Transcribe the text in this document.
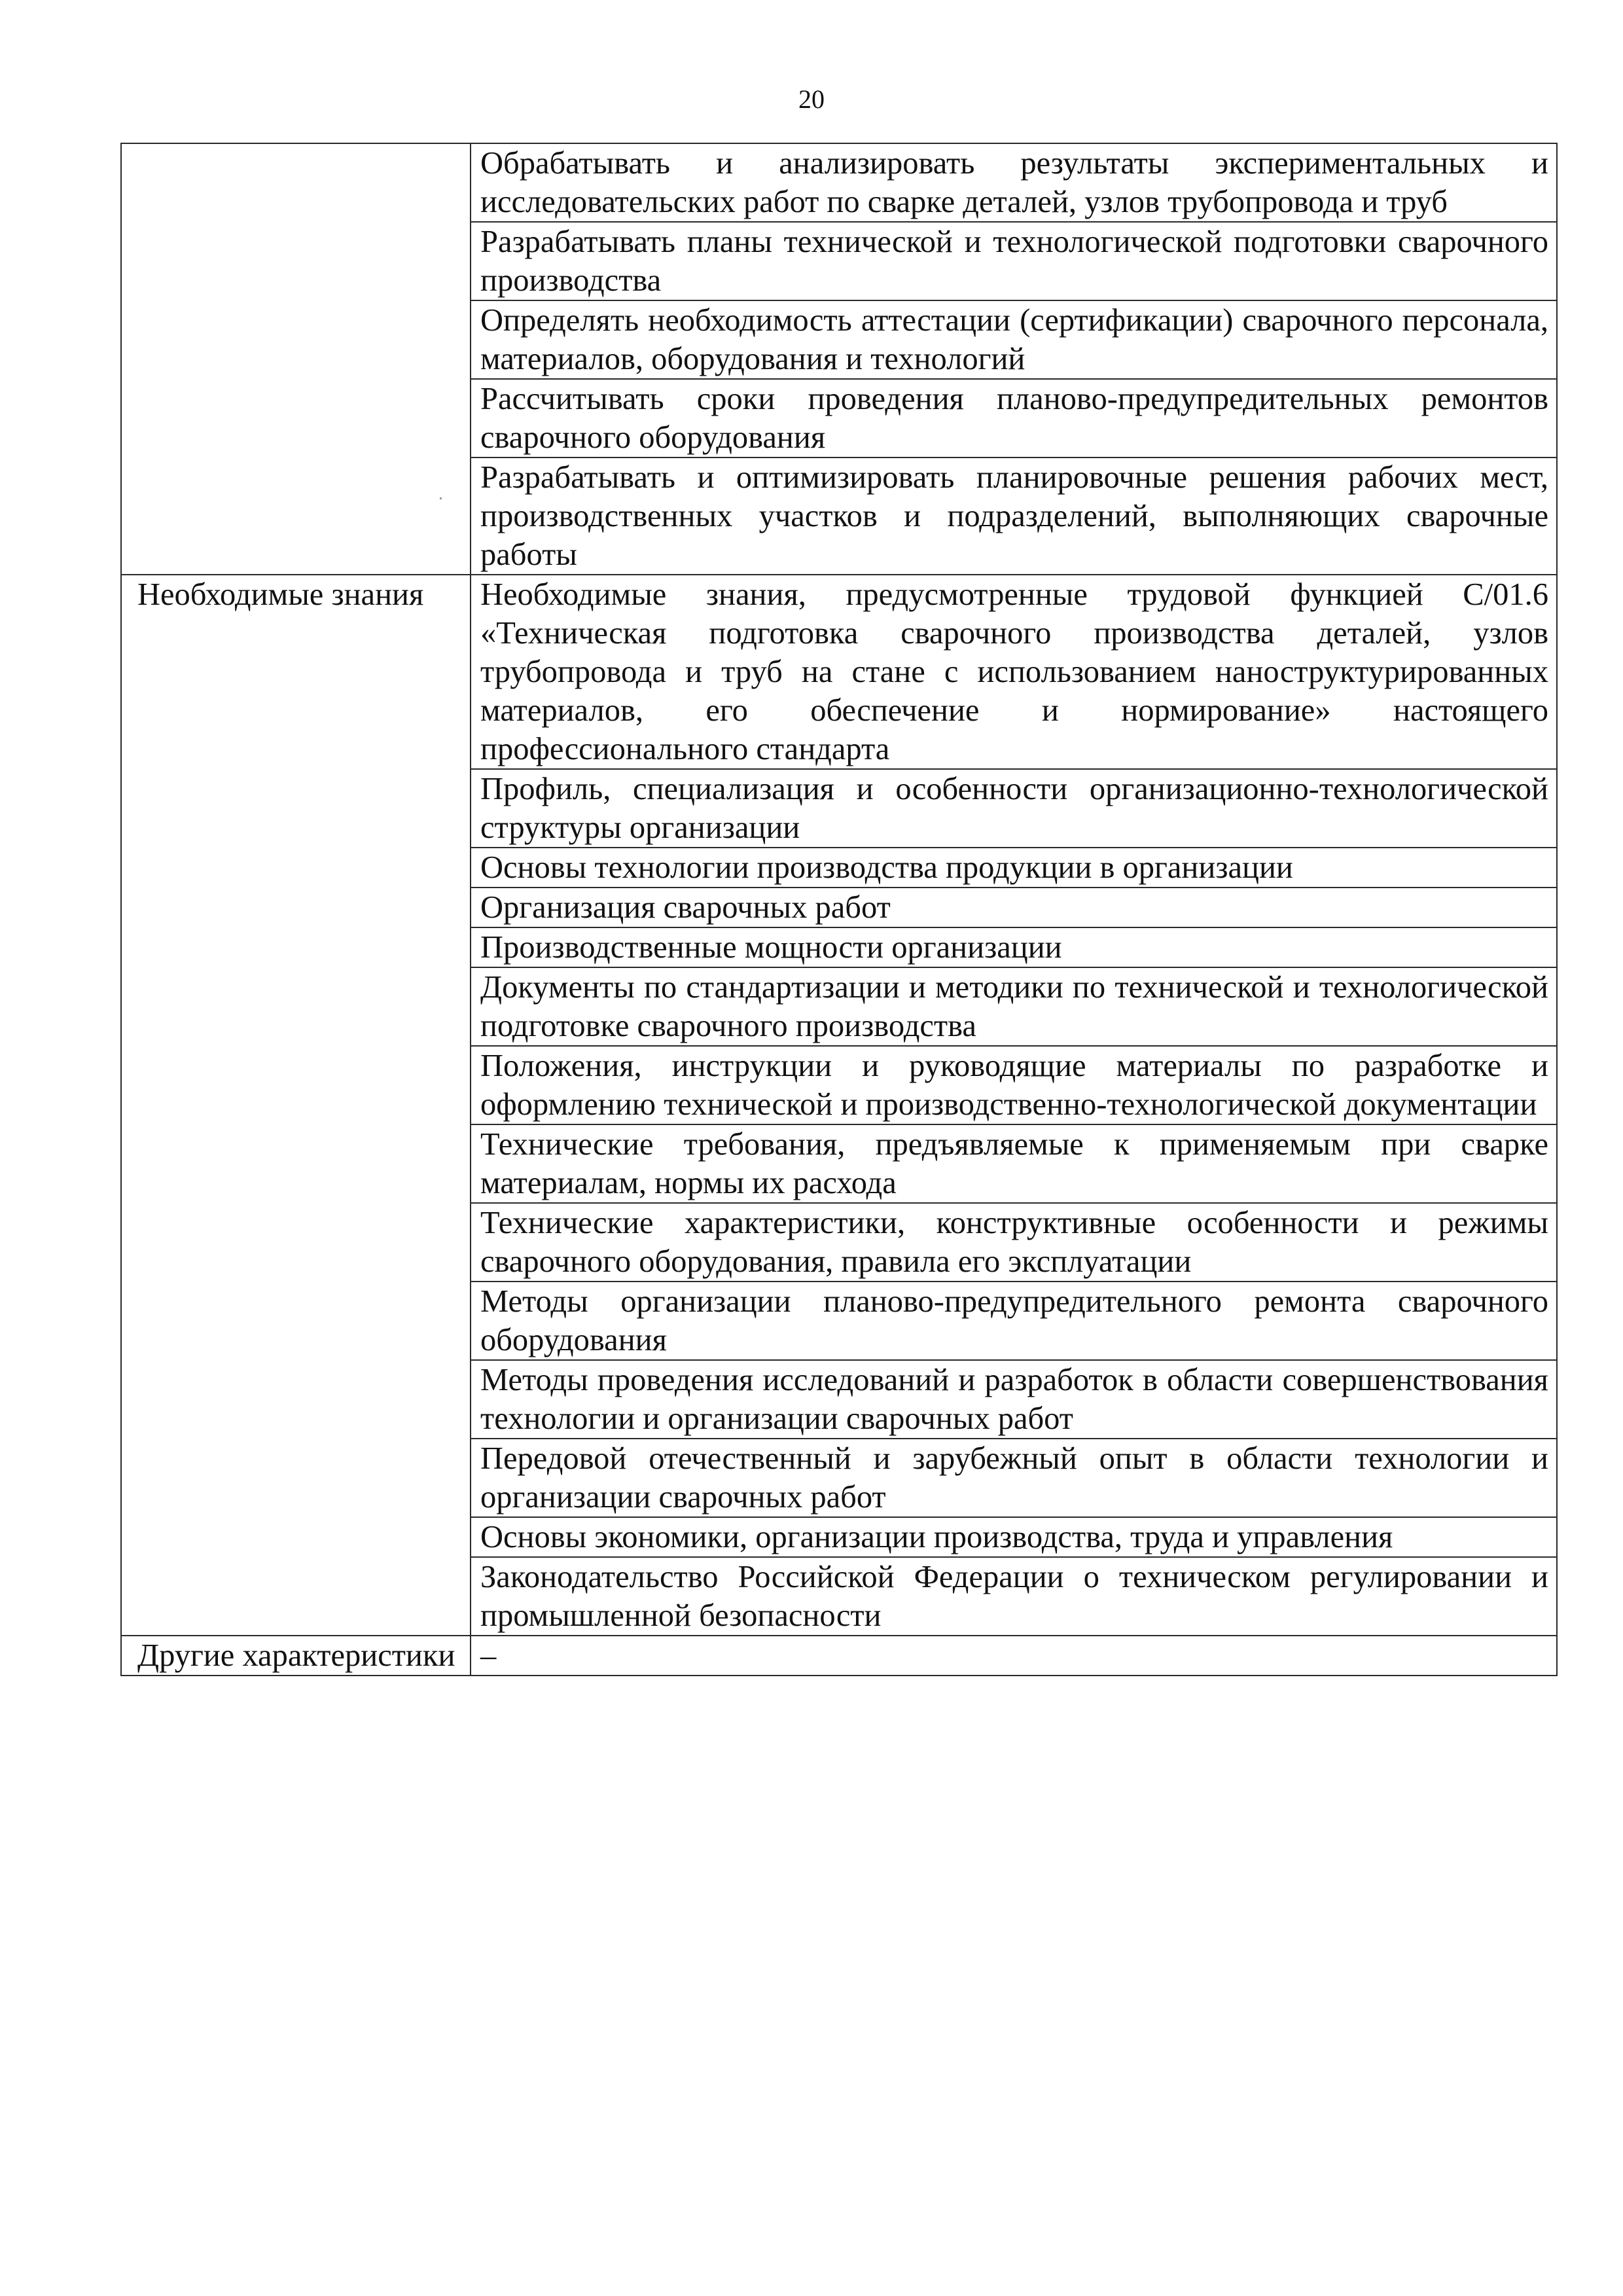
20
	Обрабатывать и анализировать результаты экспериментальных и исследовательских работ по сварке деталей, узлов трубопровода и труб
	Разрабатывать планы технической и технологической подготовки сварочного производства
	Определять необходимость аттестации (сертификации) сварочного персонала, материалов, оборудования и технологий
	Рассчитывать сроки проведения планово-предупредительных ремонтов сварочного оборудования
	Разрабатывать и оптимизировать планировочные решения рабочих мест, производственных участков и подразделений, выполняющих сварочные работы
Необходимые знания	Необходимые знания, предусмотренные трудовой функцией С/01.6 «Техническая подготовка сварочного производства деталей, узлов трубопровода и труб на стане с использованием наноструктурированных материалов, его обеспечение и нормирование» настоящего профессионального стандарта
	Профиль, специализация и особенности организационно-технологической структуры организации
	Основы технологии производства продукции в организации
	Организация сварочных работ
	Производственные мощности организации
	Документы по стандартизации и методики по технической и технологической подготовке сварочного производства
	Положения, инструкции и руководящие материалы по разработке и оформлению технической и производственно-технологической документации
	Технические требования, предъявляемые к применяемым при сварке материалам, нормы их расхода
	Технические характеристики, конструктивные особенности и режимы сварочного оборудования, правила его эксплуатации
	Методы организации планово-предупредительного ремонта сварочного оборудования
	Методы проведения исследований и разработок в области совершенствования технологии и организации сварочных работ
	Передовой отечественный и зарубежный опыт в области технологии и организации сварочных работ
	Основы экономики, организации производства, труда и управления
	Законодательство Российской Федерации о техническом регулировании и промышленной безопасности
Другие характеристики	–
